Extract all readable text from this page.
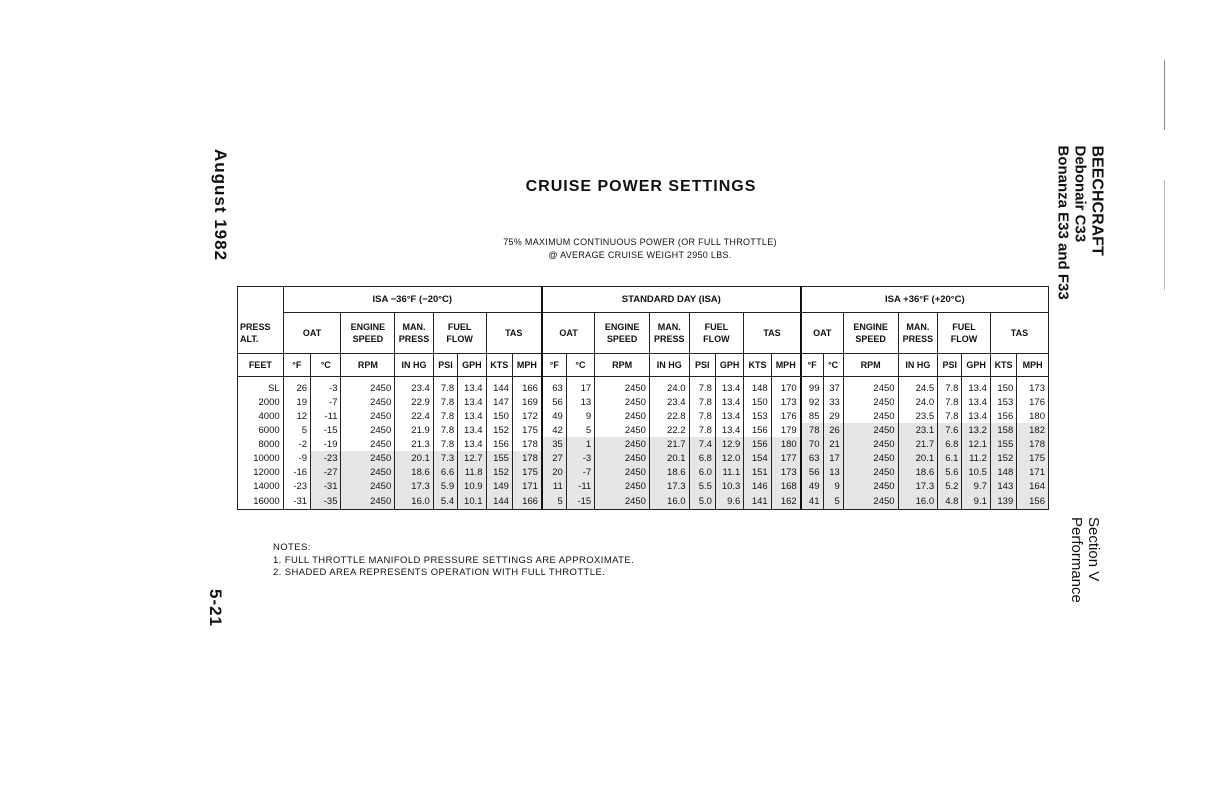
August 1982
5-21
BEECHCRAFT
Debonair C33
Bonanza E33 and F33
Section V
Performance
CRUISE POWER SETTINGS
75% MAXIMUM CONTINUOUS POWER (OR FULL THROTTLE)
@ AVERAGE CRUISE WEIGHT 2950 LBS.
	ISA −36°F (−20°C)								STANDARD DAY (ISA)								ISA +36°F (+20°C)							
PRESS ALT.	OAT		ENGINE SPEED	MAN. PRESS	FUEL FLOW		TAS		OAT		ENGINE SPEED	MAN. PRESS	FUEL FLOW		TAS		OAT		ENGINE SPEED	MAN. PRESS	FUEL FLOW		TAS	
FEET	°F	°C	RPM	IN HG	PSI	GPH	KTS	MPH	°F	°C	RPM	IN HG	PSI	GPH	KTS	MPH	°F	°C	RPM	IN HG	PSI	GPH	KTS	MPH

SL	26	-3	2450	23.4	7.8	13.4	144	166	63	17	2450	24.0	7.8	13.4	148	170	99	37	2450	24.5	7.8	13.4	150	173
2000	19	-7	2450	22.9	7.8	13.4	147	169	56	13	2450	23.4	7.8	13.4	150	173	92	33	2450	24.0	7.8	13.4	153	176
4000	12	-11	2450	22.4	7.8	13.4	150	172	49	9	2450	22.8	7.8	13.4	153	176	85	29	2450	23.5	7.8	13.4	156	180
6000	5	-15	2450	21.9	7.8	13.4	152	175	42	5	2450	22.2	7.8	13.4	156	179	78	26	2450	23.1	7.6	13.2	158	182
8000	-2	-19	2450	21.3	7.8	13.4	156	178	35	1	2450	21.7	7.4	12.9	156	180	70	21	2450	21.7	6.8	12.1	155	178
10000	-9	-23	2450	20.1	7.3	12.7	155	178	27	-3	2450	20.1	6.8	12.0	154	177	63	17	2450	20.1	6.1	11.2	152	175
12000	-16	-27	2450	18.6	6.6	11.8	152	175	20	-7	2450	18.6	6.0	11.1	151	173	56	13	2450	18.6	5.6	10.5	148	171
14000	-23	-31	2450	17.3	5.9	10.9	149	171	11	-11	2450	17.3	5.5	10.3	146	168	49	9	2450	17.3	5.2	9.7	143	164
16000	-31	-35	2450	16.0	5.4	10.1	144	166	5	-15	2450	16.0	5.0	9.6	141	162	41	5	2450	16.0	4.8	9.1	139	156
NOTES:
1. FULL THROTTLE MANIFOLD PRESSURE SETTINGS ARE APPROXIMATE.
2. SHADED AREA REPRESENTS OPERATION WITH FULL THROTTLE.
